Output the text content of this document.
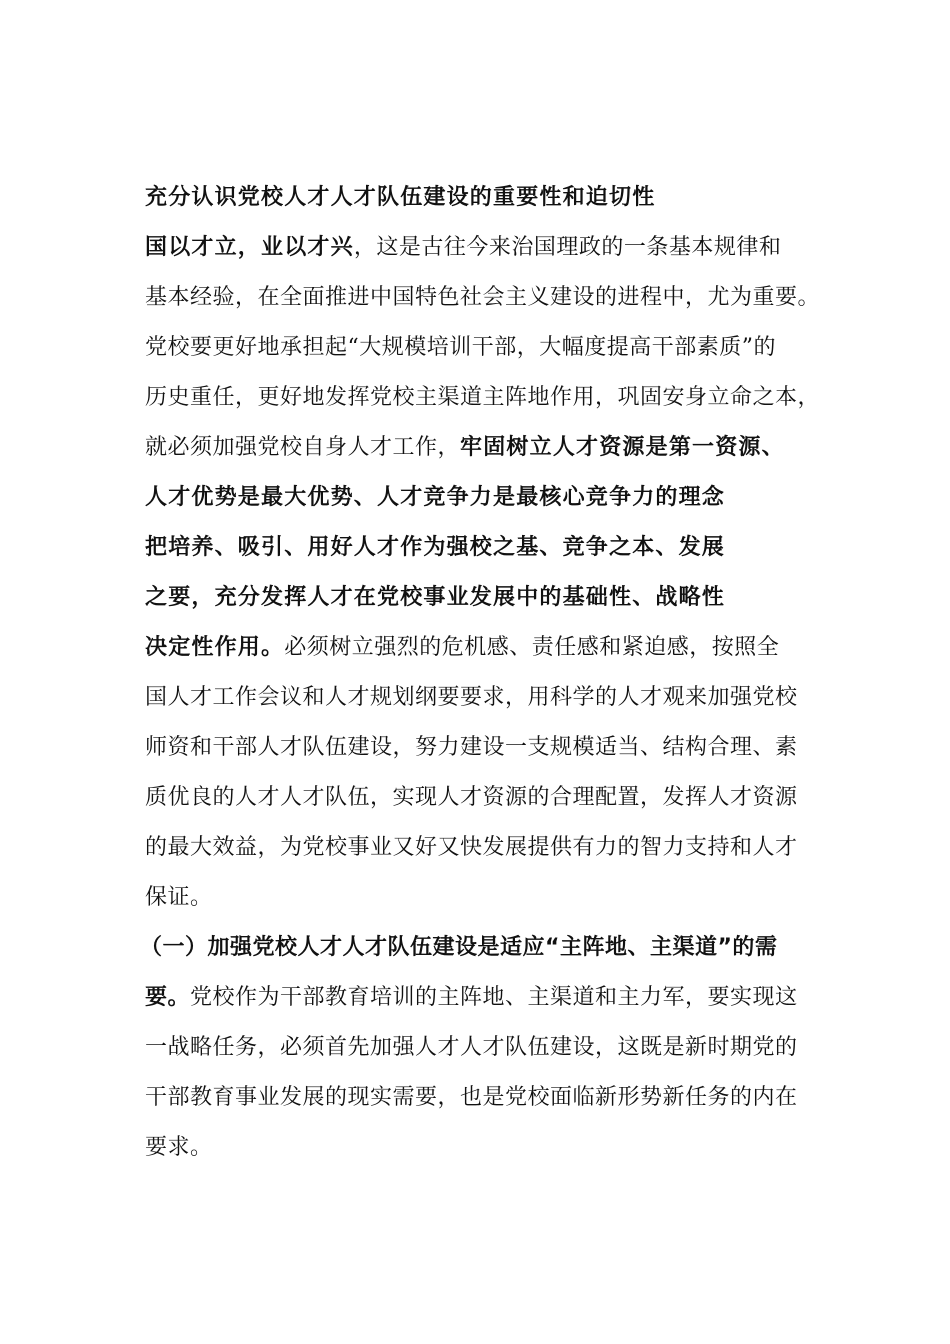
充分认识党校人才人才队伍建设的重要性和迫切性
国以才立，业以才兴，这是古往今来治国理政的一条基本规律和
基本经验，在全面推进中国特色社会主义建设的进程中，尤为重要。
党校要更好地承担起“大规模培训干部，大幅度提高干部素质”的
历史重任，更好地发挥党校主渠道主阵地作用，巩固安身立命之本，
就必须加强党校自身人才工作，牢固树立人才资源是第一资源、
人才优势是最大优势、人才竞争力是最核心竞争力的理念
把培养、吸引、用好人才作为强校之基、竞争之本、发展
之要，充分发挥人才在党校事业发展中的基础性、战略性
决定性作用。必须树立强烈的危机感、责任感和紧迫感，按照全
国人才工作会议和人才规划纲要要求，用科学的人才观来加强党校
师资和干部人才队伍建设，努力建设一支规模适当、结构合理、素
质优良的人才人才队伍，实现人才资源的合理配置，发挥人才资源
的最大效益，为党校事业又好又快发展提供有力的智力支持和人才
保证。
（一）加强党校人才人才队伍建设是适应“主阵地、主渠道”的需
要。党校作为干部教育培训的主阵地、主渠道和主力军，要实现这
一战略任务，必须首先加强人才人才队伍建设，这既是新时期党的
干部教育事业发展的现实需要，也是党校面临新形势新任务的内在
要求。
